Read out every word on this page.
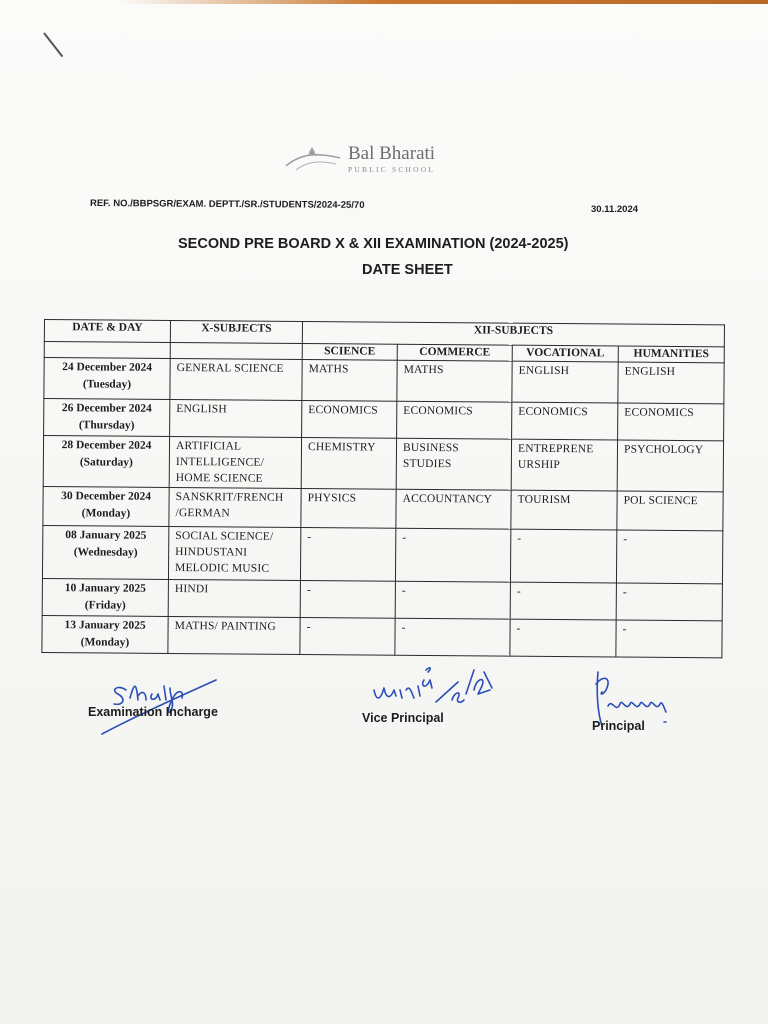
Bal Bharati
PUBLIC SCHOOL
REF. NO./BBPSGR/EXAM. DEPTT./SR./STUDENTS/2024-25/70	30.11.2024
SECOND PRE BOARD X & XII EXAMINATION (2024-2025)
DATE SHEET
DATE & DAY	X-SUBJECTS	XII-SUBJECTS			
		SCIENCE	COMMERCE	VOCATIONAL	HUMANITIES

24 December 2024
(Tuesday)	GENERAL SCIENCE	MATHS	MATHS	ENGLISH	ENGLISH

26 December 2024
(Thursday)	ENGLISH	ECONOMICS	ECONOMICS	ECONOMICS	ECONOMICS

28 December 2024
(Saturday)	ARTIFICIAL INTELLIGENCE/ HOME SCIENCE	CHEMISTRY	BUSINESS STUDIES	ENTREPRENE URSHIP	PSYCHOLOGY

30 December 2024
(Monday)	SANSKRIT/FRENCH /GERMAN	PHYSICS	ACCOUNTANCY	TOURISM	POL SCIENCE

08 January 2025
(Wednesday)	SOCIAL SCIENCE/ HINDUSTANI MELODIC MUSIC	-	-	-	-

10 January 2025
(Friday)	HINDI	-	-	-	-

13 January 2025
(Monday)	MATHS/ PAINTING	-	-	-	-
Examination Incharge	Vice Principal
Principal
